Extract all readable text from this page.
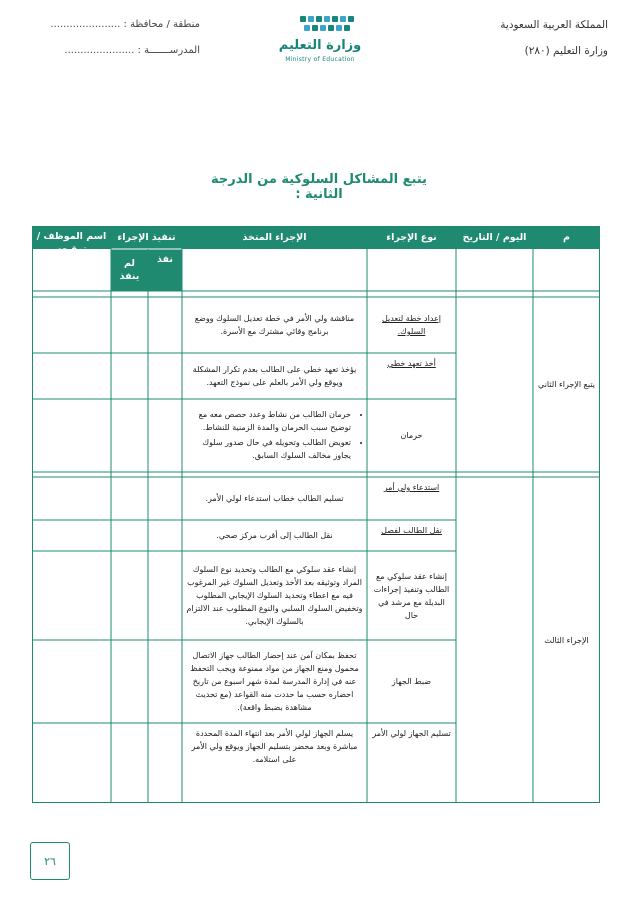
المملكة العربية السعودية
وزارة التعليم (٢٨٠)
وزارة التعليم
Ministry of Education
منطقة / محافظة : ......................
المدرســـــــة : ......................
يتبع المشاكل السلوكية من الدرجة الثانية :
م
اليوم / التاريخ
نوع الإجراء
الإجراء المتخذ
تنفيذ الإجراء
نفذ
لم ينفذ
اسم الموظف / توقيعه
يتبع الإجراء الثاني
الإجراء الثالث
إعداد خطة لتعديل السلوك.
مناقشة ولي الأمر في خطة تعديل السلوك ووضع برنامج وقائي مشترك مع الأسرة.
أخذ تعهد خطي
يؤخذ تعهد خطي على الطالب بعدم تكرار المشكلة ويوقع ولي الأمر بالعلم على نموذج التعهد.
حرمان
• حرمان الطالب من نشاط وعدد حصص معه مع توضيح سبب الحرمان والمدة الزمنية للنشاط.
• تعويض الطالب وتحويله في حال صدور سلوك يجاوز مخالف السلوك السابق.
استدعاء ولي أمر
تسليم الطالب خطاب استدعاء لولي الأمر.
نقل الطالب لفصل
نقل الطالب إلى أقرب مركز صحي.
إنشاء عقد سلوكي مع الطالب وتنفيذ إجراءات البديلة مع مرشد في حال
إنشاء عقد سلوكي مع الطالب وتحديد نوع السلوك المراد وتوثيقه بعد الأخذ وتعديل السلوك غير المرغوب فيه مع اعطاء وتحديد السلوك الإيجابي المطلوب وتخفيض السلوك السلبي والنوع المطلوب عند الالتزام بالسلوك الإيجابي.
ضبط الجهاز
تحفظ بمكان آمن عند إحضار الطالب جهاز الاتصال محمول ومنع الجهاز من مواد ممنوعة ويجب التحفظ عنه في إدارة المدرسة لمدة شهر اسبوع من تاريخ احضاره حسب ما حددت منه القواعد (مع تحديث مشاهدة بضبط واقعة).
تسليم الجهاز لولي الأمر
يسلم الجهاز لولي الأمر بعد انتهاء المدة المحددة مباشرة وبعد محضر بتسليم الجهاز ويوقع ولي الأمر على استلامه.
٢٦
